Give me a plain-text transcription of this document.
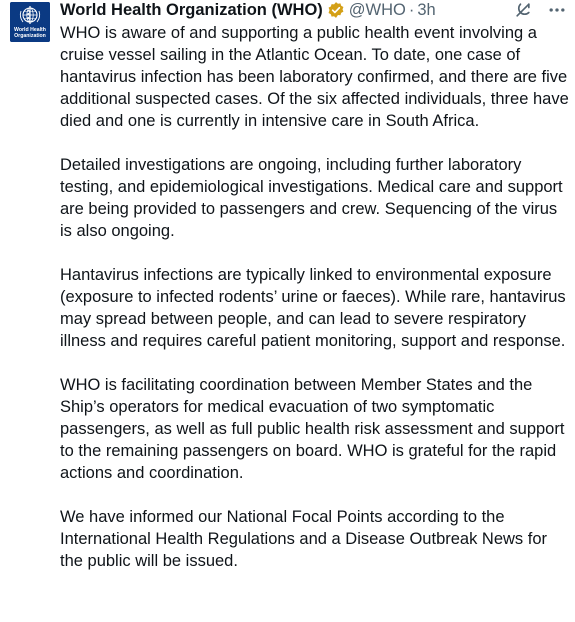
World Health
Organization
World Health Organization (WHO) @WHO · 3h

WHO is aware of and supporting a public health event involving a cruise vessel sailing in the Atlantic Ocean. To date, one case of hantavirus infection has been laboratory confirmed, and there are five additional suspected cases. Of the six affected individuals, three have died and one is currently in intensive care in South Africa.

Detailed investigations are ongoing, including further laboratory testing, and epidemiological investigations. Medical care and support are being provided to passengers and crew. Sequencing of the virus is also ongoing.

Hantavirus infections are typically linked to environmental exposure (exposure to infected rodents’ urine or faeces). While rare, hantavirus may spread between people, and can lead to severe respiratory illness and requires careful patient monitoring, support and response.

WHO is facilitating coordination between Member States and the Ship’s operators for medical evacuation of two symptomatic passengers, as well as full public health risk assessment and support to the remaining passengers on board. WHO is grateful for the rapid actions and coordination.

We have informed our National Focal Points according to the International Health Regulations and a Disease Outbreak News for the public will be issued.
